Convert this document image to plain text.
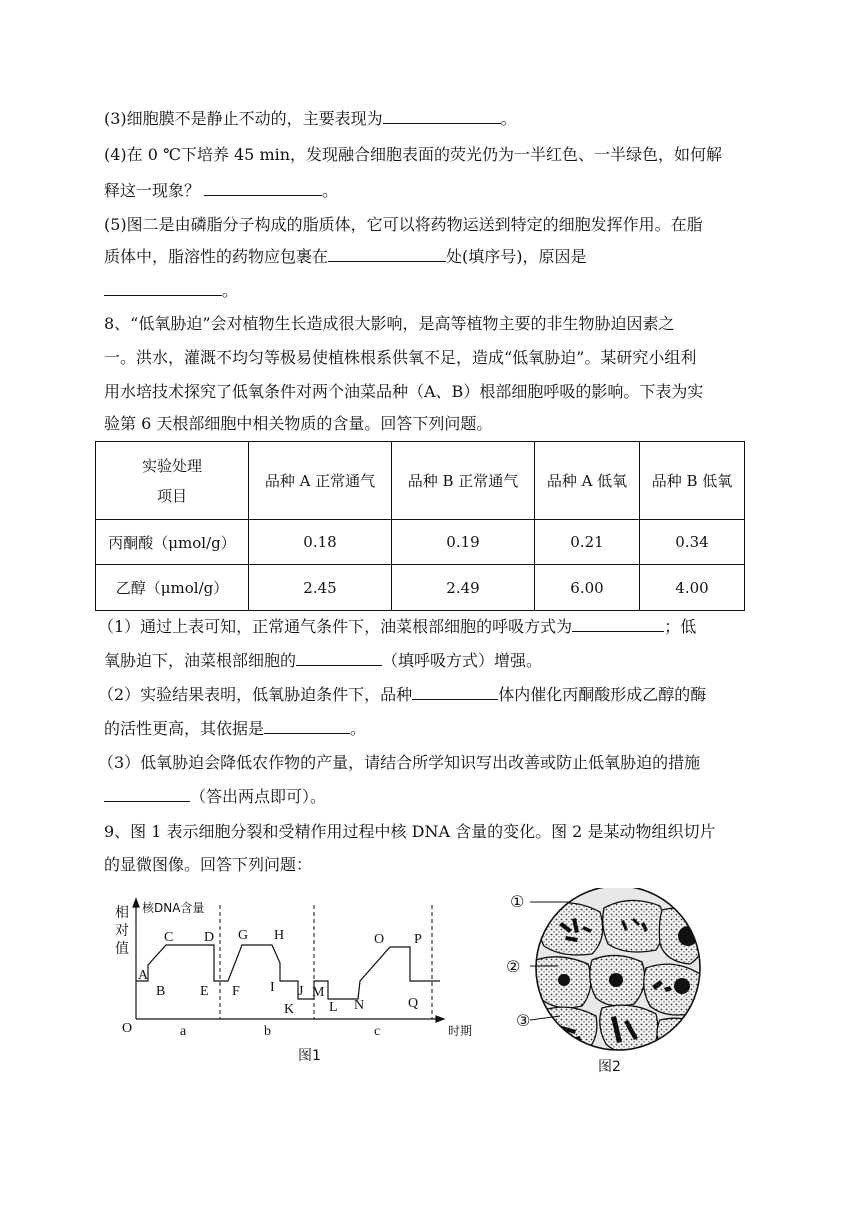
(3)细胞膜不是静止不动的，主要表现为	。
(4)在 0 ℃下培养 45 min，发现融合细胞表面的荧光仍为一半红色、一半绿色，如何解
释这一现象？	。
(5)图二是由磷脂分子构成的脂质体，它可以将药物运送到特定的细胞发挥作用。在脂
质体中，脂溶性的药物应包裹在	处(填序号)，原因是
。
8、“低氧胁迫”会对植物生长造成很大影响，是高等植物主要的非生物胁迫因素之
一。洪水，灌溉不均匀等极易使植株根系供氧不足，造成“低氧胁迫”。某研究小组利
用水培技术探究了低氧条件对两个油菜品种（A、B）根部细胞呼吸的影响。下表为实
验第 6 天根部细胞中相关物质的含量。回答下列问题。
实验处理
项目	品种 A 正常通气	品种 B 正常通气	品种 A 低氧	品种 B 低氧
丙酮酸（μmol/g）	0.18	0.19	0.21	0.34
乙醇（μmol/g）	2.45	2.49	6.00	4.00
（1）通过上表可知，正常通气条件下，油菜根部细胞的呼吸方式为	；低
氧胁迫下，油菜根部细胞的	（填呼吸方式）增强。
（2）实验结果表明，低氧胁迫条件下，品种	体内催化丙酮酸形成乙醇的酶
的活性更高，其依据是	。
（3）低氧胁迫会降低农作物的产量，请结合所学知识写出改善或防止低氧胁迫的措施
（答出两点即可）。
9、图 1 表示细胞分裂和受精作用过程中核 DNA 含量的变化。图 2 是某动物组织切片
的显微图像。回答下列问题：
核DNA含量
相
对
值
O	时期
A
B
C D
E F
G H
I J
K L
M
N
O P
Q
a	b	c
图1
①
②
③
图2
